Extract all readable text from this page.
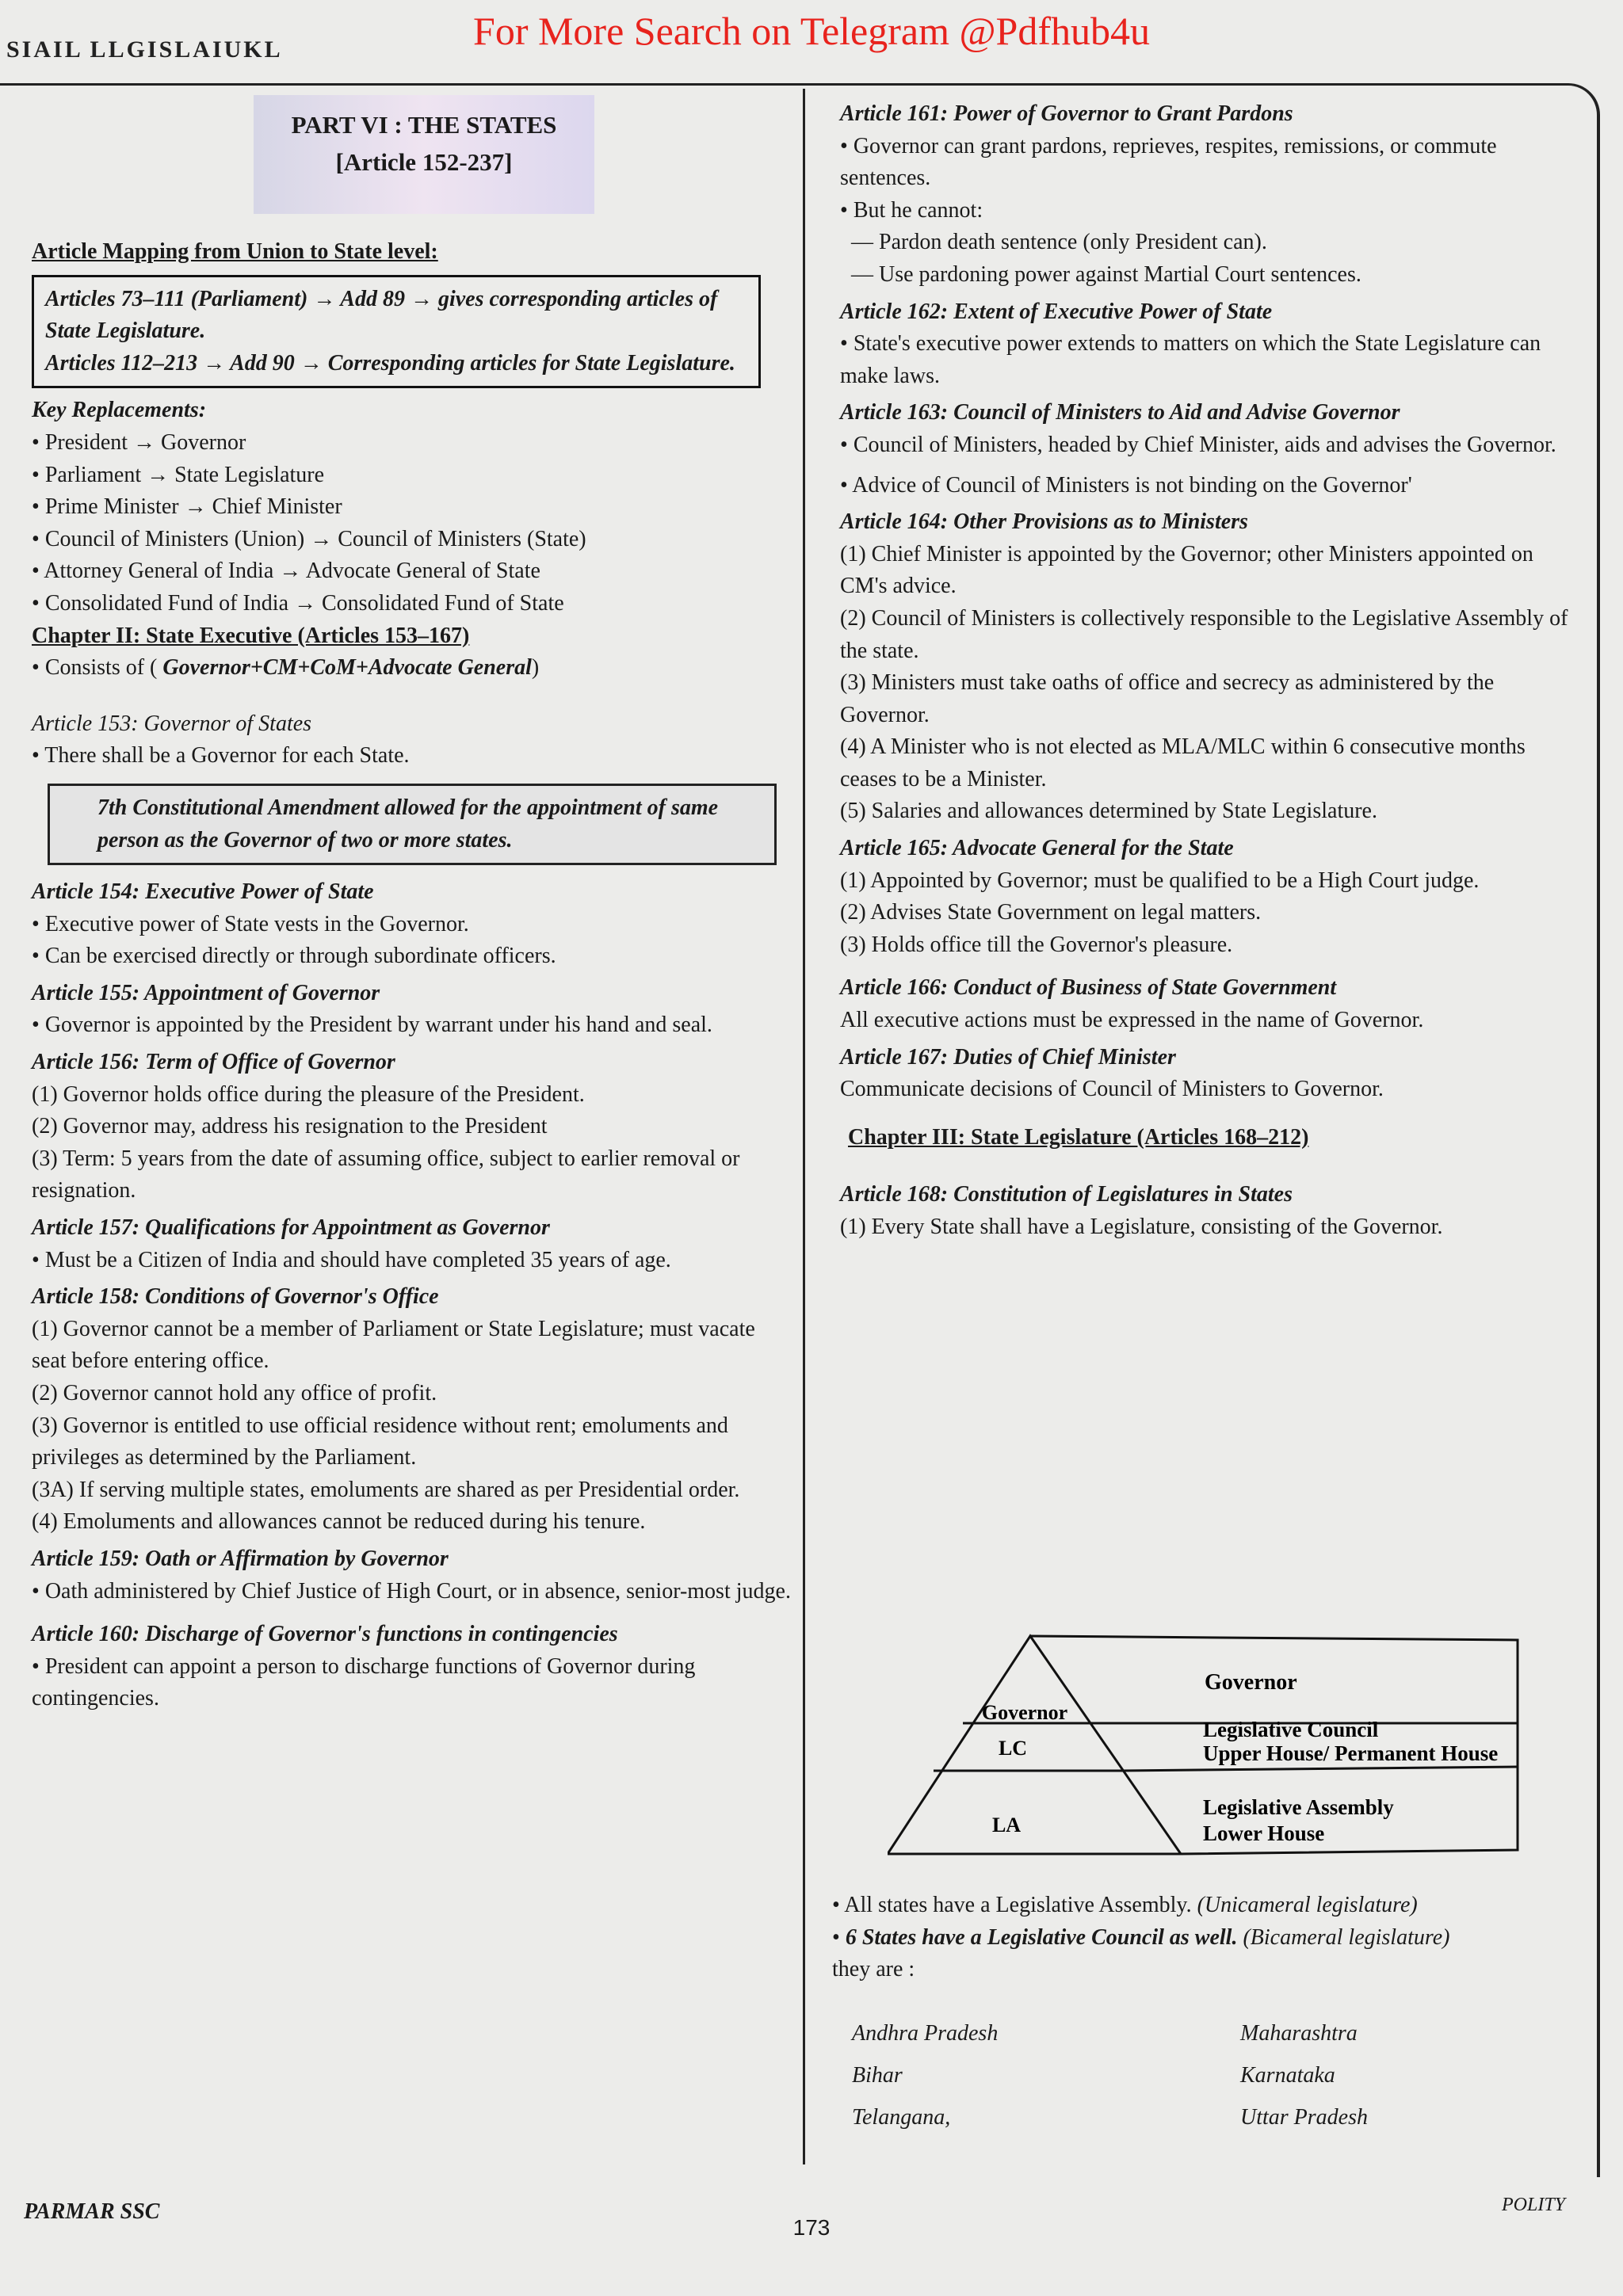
SIAIL LLGISLAIUKL	For More Search on Telegram @Pdfhub4u
PART VI : THE STATES
[Article 152-237]

Article Mapping from Union to State level:

Articles 73–111 (Parliament) → Add 89 → gives corresponding articles of State Legislature.
Articles 112–213 → Add 90 → Corresponding articles for State Legislature.

Key Replacements:

• President → Governor

• Parliament → State Legislature

• Prime Minister → Chief Minister

• Council of Ministers (Union) → Council of Ministers (State)

• Attorney General of India → Advocate General of State

• Consolidated Fund of India → Consolidated Fund of State

Chapter II: State Executive (Articles 153–167)

• Consists of ( Governor+CM+CoM+Advocate General)

Article 153: Governor of States

• There shall be a Governor for each State.

7th Constitutional Amendment allowed for the appointment of same person as the Governor of two or more states.

Article 154: Executive Power of State

• Executive power of State vests in the Governor.

• Can be exercised directly or through subordinate officers.

Article 155: Appointment of Governor

• Governor is appointed by the President by warrant under his hand and seal.

Article 156: Term of Office of Governor

(1) Governor holds office during the pleasure of the President.

(2) Governor may, address his resignation to the President

(3) Term: 5 years from the date of assuming office, subject to earlier removal or resignation.

Article 157: Qualifications for Appointment as Governor

• Must be a Citizen of India and should have completed 35 years of age.

Article 158: Conditions of Governor's Office

(1) Governor cannot be a member of Parliament or State Legislature; must vacate seat before entering office.

(2) Governor cannot hold any office of profit.

(3) Governor is entitled to use official residence without rent; emoluments and privileges as determined by the Parliament.

(3A) If serving multiple states, emoluments are shared as per Presidential order.

(4) Emoluments and allowances cannot be reduced during his tenure.

Article 159: Oath or Affirmation by Governor

• Oath administered by Chief Justice of High Court, or in absence, senior-most judge.

Article 160: Discharge of Governor's functions in contingencies

• President can appoint a person to discharge functions of Governor during contingencies.

Article 161: Power of Governor to Grant Pardons

• Governor can grant pardons, reprieves, respites, remissions, or commute sentences.

• But he cannot:

— Pardon death sentence (only President can).

— Use pardoning power against Martial Court sentences.

Article 162: Extent of Executive Power of State

• State's executive power extends to matters on which the State Legislature can make laws.

Article 163: Council of Ministers to Aid and Advise Governor

• Council of Ministers, headed by Chief Minister, aids and advises the Governor.

• Advice of Council of Ministers is not binding on the Governor'

Article 164: Other Provisions as to Ministers

(1) Chief Minister is appointed by the Governor; other Ministers appointed on CM's advice.

(2) Council of Ministers is collectively responsible to the Legislative Assembly of the state.

(3) Ministers must take oaths of office and secrecy as administered by the Governor.

(4) A Minister who is not elected as MLA/MLC within 6 consecutive months ceases to be a Minister.

(5) Salaries and allowances determined by State Legislature.

Article 165: Advocate General for the State

(1) Appointed by Governor; must be qualified to be a High Court judge.

(2) Advises State Government on legal matters.

(3) Holds office till the Governor's pleasure.

Article 166: Conduct of Business of State Government

All executive actions must be expressed in the name of Governor.

Article 167: Duties of Chief Minister

Communicate decisions of Council of Ministers to Governor.

Chapter III: State Legislature (Articles 168–212)

Article 168: Constitution of Legislatures in States

(1) Every State shall have a Legislature, consisting of the Governor.

Governor
LC
LA
Governor
Legislative Council
Upper House/ Permanent House
Legislative Assembly
Lower House

• All states have a Legislative Assembly. (Unicameral legislature)

• 6 States have a Legislative Council as well. (Bicameral legislature)

they are :

Andhra Pradesh
Bihar
Telangana,
Maharashtra
Karnataka
Uttar Pradesh
PARMAR SSC
173
POLITY
